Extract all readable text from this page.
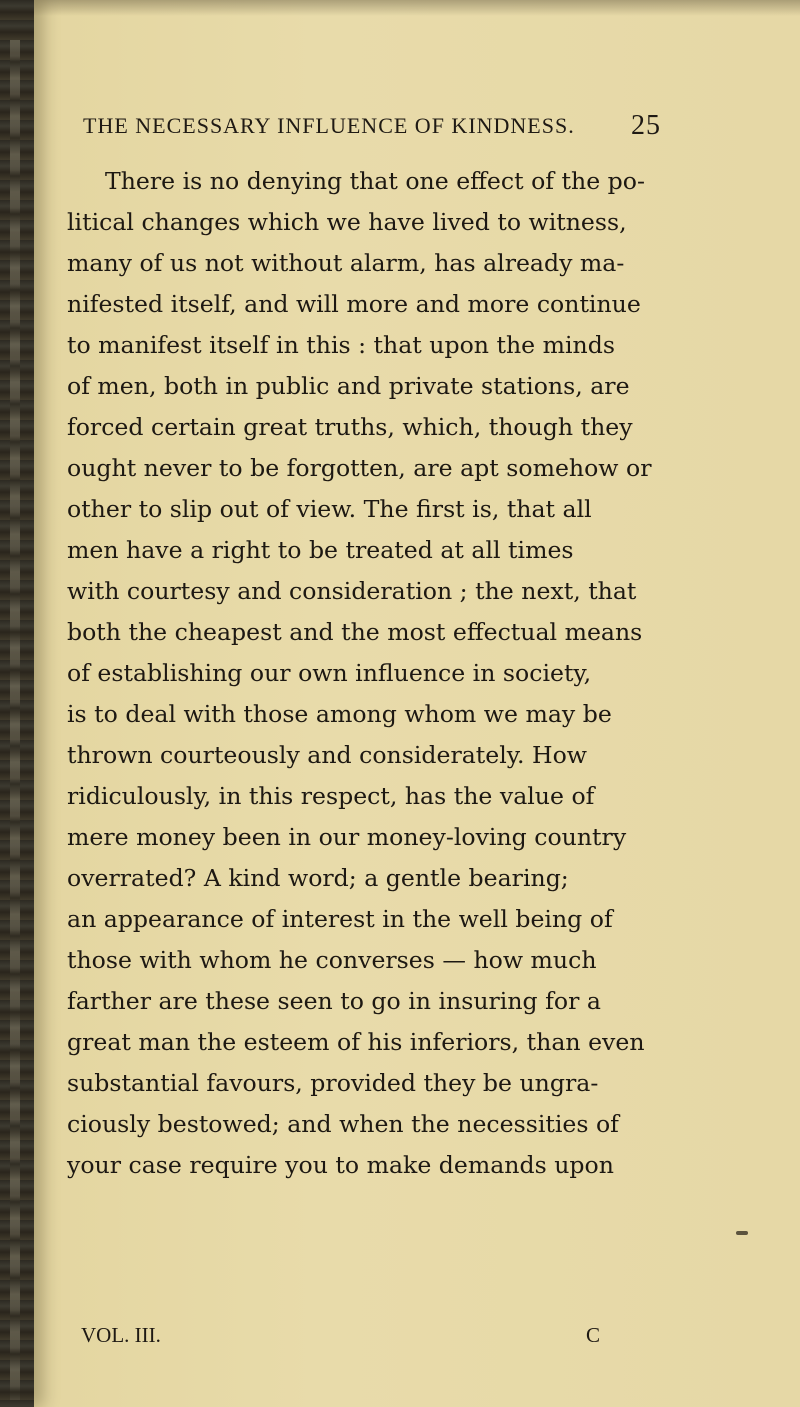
THE NECESSARY INFLUENCE OF KINDNESS. 25
There is no denying that one effect of the po-
litical changes which we have lived to witness,
many of us not without alarm, has already ma-
nifested itself, and will more and more continue
to manifest itself in this : that upon the minds
of men, both in public and private stations, are
forced certain great truths, which, though they
ought never to be forgotten, are apt somehow or
other to slip out of view. The first is, that all
men have a right to be treated at all times
with courtesy and consideration ; the next, that
both the cheapest and the most effectual means
of establishing our own influence in society,
is to deal with those among whom we may be
thrown courteously and considerately. How
ridiculously, in this respect, has the value of
mere money been in our money-loving country
overrated? A kind word; a gentle bearing;
an appearance of interest in the well being of
those with whom he converses — how much
farther are these seen to go in insuring for a
great man the esteem of his inferiors, than even
substantial favours, provided they be ungra-
ciously bestowed; and when the necessities of
your case require you to make demands upon
VOL. III.	C
